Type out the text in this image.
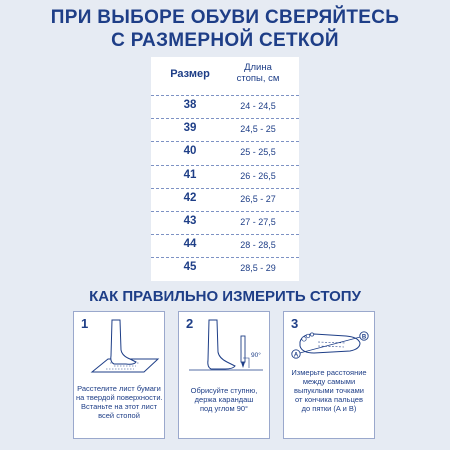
ПРИ ВЫБОРЕ ОБУВИ СВЕРЯЙТЕСЬ
С РАЗМЕРНОЙ СЕТКОЙ
Размер
Длина
стопы, см
38	24 - 24,5
39	24,5 - 25
40	25 - 25,5
41	26 - 26,5
42	26,5 - 27
43	27 - 27,5
44	28 - 28,5
45	28,5 - 29
КАК ПРАВИЛЬНО ИЗМЕРИТЬ СТОПУ
1
Расстелите лист бумаги
на твердой поверхности.
Встаньте на этот лист
всей стопой
2
90°
Обрисуйте ступню,
держа карандаш
под углом 90°
3
A
B
Измерьте расстояние
между самыми
выпуклыми точками
от кончика пальцев
до пятки (A и B)
